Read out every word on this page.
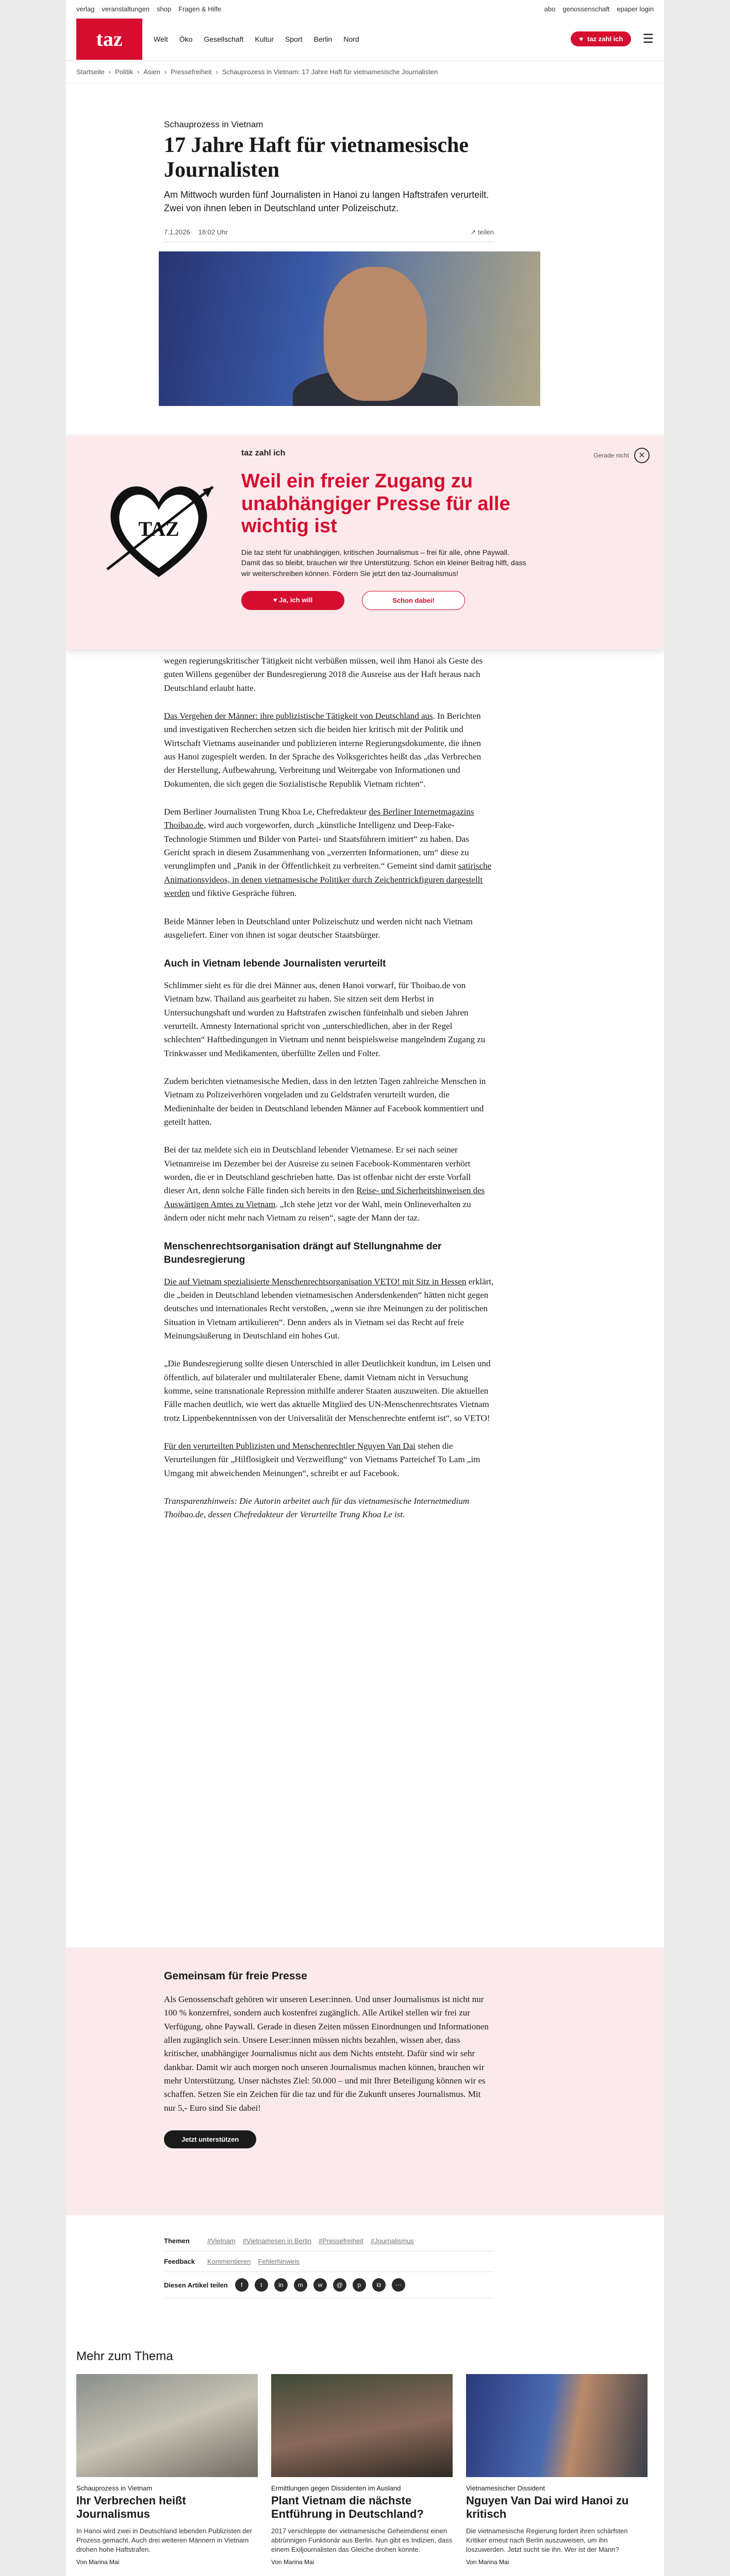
verlag veranstaltungen shop Fragen & Hilfe	abo genossenschaft epaper login
taz	Welt Öko Gesellschaft Kultur Sport Berlin Nord	♥ taz zahl ich ☰
Startseite › Politik › Asien › Pressefreiheit › Schauprozess in Vietnam: 17 Jahre Haft für vietnamesische Journalisten
Schauprozess in Vietnam
17 Jahre Haft für vietnamesische Journalisten

Am Mittwoch wurden fünf Journalisten in Hanoi zu langen Haftstrafen verurteilt. Zwei von ihnen leben in Deutschland unter Polizeischutz.

7.1.2026 18:02 Uhr	↗ teilen
TAZ
taz zahl ich
Weil ein freier Zugang zu unabhängiger Presse für alle wichtig ist
Die taz steht für unabhängigen, kritischen Journalismus – frei für alle, ohne Paywall. Damit das so bleibt, brauchen wir Ihre Unterstützung. Schon ein kleiner Beitrag hilft, dass wir weiterschreiben können. Fördern Sie jetzt den taz-Journalismus!
♥ Ja, ich will	Schon dabei!
Gerade nicht	✕

wegen regierungskritischer Tätigkeit nicht verbüßen müssen, weil ihm Hanoi als Geste des guten Willens gegenüber der Bundesregierung 2018 die Ausreise aus der Haft heraus nach Deutschland erlaubt hatte.

Das Vergehen der Männer: ihre publizistische Tätigkeit von Deutschland aus. In Berichten und investigativen Recherchen setzen sich die beiden hier kritisch mit der Politik und Wirtschaft Vietnams auseinander und publizieren interne Regierungsdokumente, die ihnen aus Hanoi zugespielt werden. In der Sprache des Volksgerichtes heißt das „das Verbrechen der Herstellung, Aufbewahrung, Verbreitung und Weitergabe von Informationen und Dokumenten, die sich gegen die Sozialistische Republik Vietnam richten“.

Dem Berliner Journalisten Trung Khoa Le, Chefredakteur des Berliner Internetmagazins Thoibao.de, wird auch vorgeworfen, durch „künstliche Intelligenz und Deep-Fake-Technologie Stimmen und Bilder von Partei- und Staatsführern imitiert“ zu haben. Das Gericht sprach in diesem Zusammenhang von „verzerrten Informationen, um“ diese zu verunglimpfen und „Panik in der Öffentlichkeit zu verbreiten.“ Gemeint sind damit satirische Animationsvideos, in denen vietnamesische Politiker durch Zeichentrickfiguren dargestellt werden und fiktive Gespräche führen.

Beide Männer leben in Deutschland unter Polizeischutz und werden nicht nach Vietnam ausgeliefert. Einer von ihnen ist sogar deutscher Staatsbürger.

Auch in Vietnam lebende Journalisten verurteilt

Schlimmer sieht es für die drei Männer aus, denen Hanoi vorwarf, für Thoibao.de von Vietnam bzw. Thailand aus gearbeitet zu haben. Sie sitzen seit dem Herbst in Untersuchungshaft und wurden zu Haftstrafen zwischen fünfeinhalb und sieben Jahren verurteilt. Amnesty International spricht von „unterschiedlichen, aber in der Regel schlechten“ Haftbedingungen in Vietnam und nennt beispielsweise mangelndem Zugang zu Trinkwasser und Medikamenten, überfüllte Zellen und Folter.

Zudem berichten vietnamesische Medien, dass in den letzten Tagen zahlreiche Menschen in Vietnam zu Polizeiverhören vorgeladen und zu Geldstrafen verurteilt wurden, die Medieninhalte der beiden in Deutschland lebenden Männer auf Facebook kommentiert und geteilt hatten.

Bei der taz meldete sich ein in Deutschland lebender Vietnamese. Er sei nach seiner Vietnamreise im Dezember bei der Ausreise zu seinen Facebook-Kommentaren verhört worden, die er in Deutschland geschrieben hatte. Das ist offenbar nicht der erste Vorfall dieser Art, denn solche Fälle finden sich bereits in den Reise- und Sicherheitshinweisen des Auswärtigen Amtes zu Vietnam. „Ich stehe jetzt vor der Wahl, mein Onlineverhalten zu ändern oder nicht mehr nach Vietnam zu reisen“, sagte der Mann der taz.

Menschenrechtsorganisation drängt auf Stellungnahme der Bundesregierung

Die auf Vietnam spezialisierte Menschenrechtsorganisation VETO! mit Sitz in Hessen erklärt, die „beiden in Deutschland lebenden vietnamesischen Andersdenkenden“ hätten nicht gegen deutsches und internationales Recht verstoßen, „wenn sie ihre Meinungen zu der politischen Situation in Vietnam artikulieren“. Denn anders als in Vietnam sei das Recht auf freie Meinungsäußerung in Deutschland ein hohes Gut.

„Die Bundesregierung sollte diesen Unterschied in aller Deutlichkeit kundtun, im Leisen und öffentlich, auf bilateraler und multilateraler Ebene, damit Vietnam nicht in Versuchung komme, seine transnationale Repression mithilfe anderer Staaten auszuweiten. Die aktuellen Fälle machen deutlich, wie wert das aktuelle Mitglied des UN-Menschenrechtsrates Vietnam trotz Lippenbekenntnissen von der Universalität der Menschenrechte entfernt ist“, so VETO!

Für den verurteilten Publizisten und Menschenrechtler Nguyen Van Dai stehen die Verurteilungen für „Hilflosigkeit und Verzweiflung“ von Vietnams Parteichef To Lam „im Umgang mit abweichenden Meinungen“, schreibt er auf Facebook.

Transparenzhinweis: Die Autorin arbeitet auch für das vietnamesische Internetmedium Thoibao.de, dessen Chefredakteur der Verurteilte Trung Khoa Le ist.

Gemeinsam für freie Presse

Als Genossenschaft gehören wir unseren Leser:innen. Und unser Journalismus ist nicht nur 100 % konzernfrei, sondern auch kostenfrei zugänglich. Alle Artikel stellen wir frei zur Verfügung, ohne Paywall. Gerade in diesen Zeiten müssen Einordnungen und Informationen allen zugänglich sein. Unsere Leser:innen müssen nichts bezahlen, wissen aber, dass kritischer, unabhängiger Journalismus nicht aus dem Nichts entsteht. Dafür sind wir sehr dankbar. Damit wir auch morgen noch unseren Journalismus machen können, brauchen wir mehr Unterstützung. Unser nächstes Ziel: 50.000 – und mit Ihrer Beteiligung können wir es schaffen. Setzen Sie ein Zeichen für die taz und für die Zukunft unseres Journalismus. Mit nur 5,- Euro sind Sie dabei!

Jetzt unterstützen
Themen	#Vietnam #Vietnamesen in Berlin #Pressefreiheit #Journalismus
Feedback	Kommentieren Fehlerhinweis
Diesen Artikel teilen	f	t	in	m	w	@	p	⧉	⋯
Mehr zum Thema
Schauprozess in Vietnam
Ihr Verbrechen heißt Journalismus
In Hanoi wird zwei in Deutschland lebenden Publizisten der Prozess gemacht. Auch drei weiteren Männern in Vietnam drohen hohe Haftstrafen.
Von Marina Mai
Ermittlungen gegen Dissidenten im Ausland
Plant Vietnam die nächste Entführung in Deutschland?
2017 verschleppte der vietnamesische Geheimdienst einen abtrünnigen Funktionär aus Berlin. Nun gibt es Indizien, dass einem Exiljournalisten das Gleiche drohen könnte.
Von Marina Mai
Vietnamesischer Dissident
Nguyen Van Dai wird Hanoi zu kritisch
Die vietnamesische Regierung fordert ihren schärfsten Kritiker erneut nach Berlin auszuweisen, um ihn loszuwerden. Jetzt sucht sie ihn. Wer ist der Mann?
Von Marina Mai
